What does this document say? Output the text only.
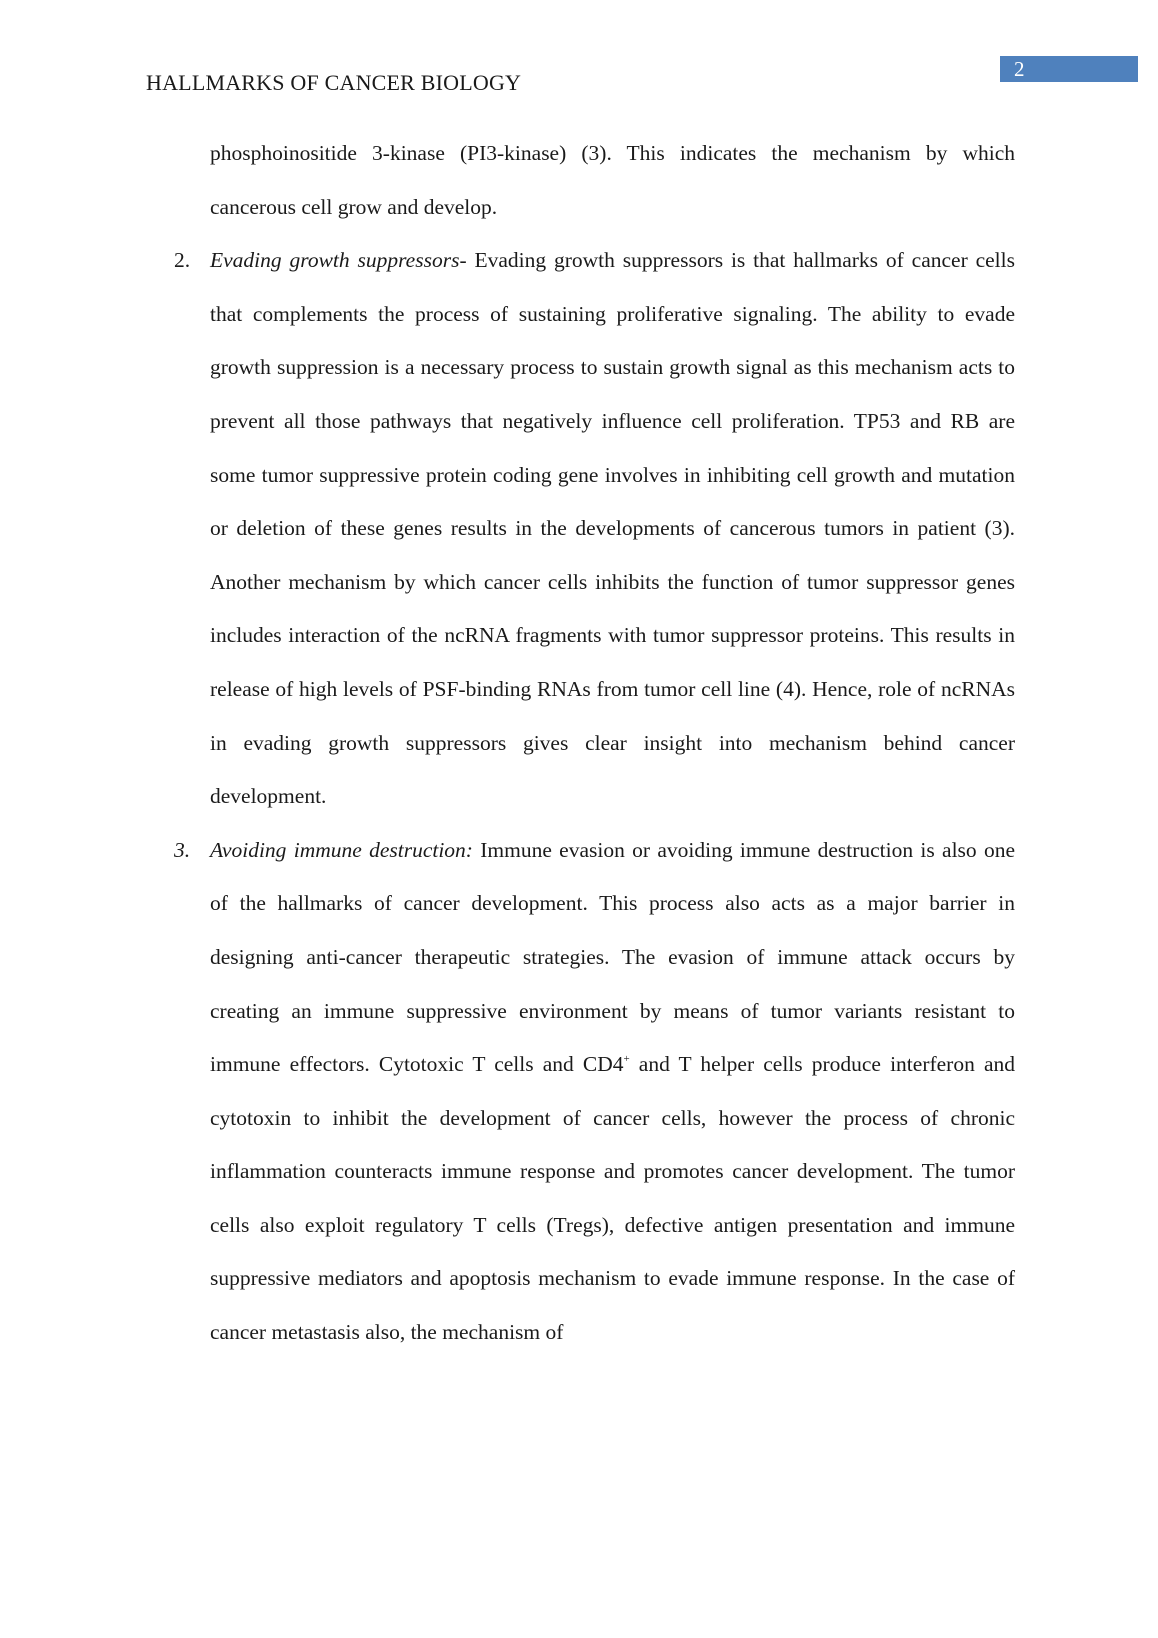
HALLMARKS OF CANCER BIOLOGY
2

phosphoinositide 3-kinase (PI3-kinase) (3). This indicates the mechanism by which cancerous cell grow and develop.

2. Evading growth suppressors- Evading growth suppressors is that hallmarks of cancer cells that complements the process of sustaining proliferative signaling. The ability to evade growth suppression is a necessary process to sustain growth signal as this mechanism acts to prevent all those pathways that negatively influence cell proliferation. TP53 and RB are some tumor suppressive protein coding gene involves in inhibiting cell growth and mutation or deletion of these genes results in the developments of cancerous tumors in patient (3). Another mechanism by which cancer cells inhibits the function of tumor suppressor genes includes interaction of the ncRNA fragments with tumor suppressor proteins. This results in release of high levels of PSF-binding RNAs from tumor cell line (4). Hence, role of ncRNAs in evading growth suppressors gives clear insight into mechanism behind cancer development.

3. Avoiding immune destruction: Immune evasion or avoiding immune destruction is also one of the hallmarks of cancer development. This process also acts as a major barrier in designing anti-cancer therapeutic strategies. The evasion of immune attack occurs by creating an immune suppressive environment by means of tumor variants resistant to immune effectors. Cytotoxic T cells and CD4+ and T helper cells produce interferon and cytotoxin to inhibit the development of cancer cells, however the process of chronic inflammation counteracts immune response and promotes cancer development. The tumor cells also exploit regulatory T cells (Tregs), defective antigen presentation and immune suppressive mediators and apoptosis mechanism to evade immune response. In the case of cancer metastasis also, the mechanism of
